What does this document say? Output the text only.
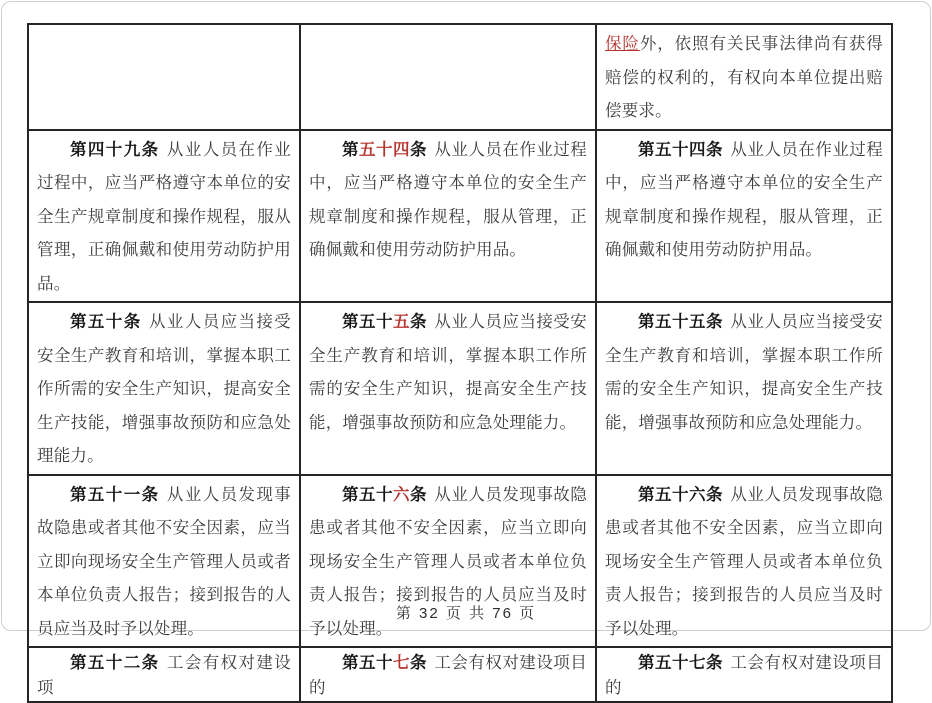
		保险外，依照有关民事法律尚有获得赔偿的权利的，有权向本单位提出赔偿要求。

第四十九条 从业人员在作业过程中，应当严格遵守本单位的安全生产规章制度和操作规程，服从管理，正确佩戴和使用劳动防护用品。	第五十四条 从业人员在作业过程中，应当严格遵守本单位的安全生产规章制度和操作规程，服从管理，正确佩戴和使用劳动防护用品。	第五十四条 从业人员在作业过程中，应当严格遵守本单位的安全生产规章制度和操作规程，服从管理，正确佩戴和使用劳动防护用品。

第五十条 从业人员应当接受安全生产教育和培训，掌握本职工作所需的安全生产知识，提高安全生产技能，增强事故预防和应急处理能力。	第五十五条 从业人员应当接受安全生产教育和培训，掌握本职工作所需的安全生产知识，提高安全生产技能，增强事故预防和应急处理能力。	第五十五条 从业人员应当接受安全生产教育和培训，掌握本职工作所需的安全生产知识，提高安全生产技能，增强事故预防和应急处理能力。

第五十一条 从业人员发现事故隐患或者其他不安全因素，应当立即向现场安全生产管理人员或者本单位负责人报告；接到报告的人员应当及时予以处理。	第五十六条 从业人员发现事故隐患或者其他不安全因素，应当立即向现场安全生产管理人员或者本单位负责人报告；接到报告的人员应当及时予以处理。	第五十六条 从业人员发现事故隐患或者其他不安全因素，应当立即向现场安全生产管理人员或者本单位负责人报告；接到报告的人员应当及时予以处理。

第五十二条 工会有权对建设项	第五十七条 工会有权对建设项目的	第五十七条 工会有权对建设项目的

第 32 页 共 76 页
